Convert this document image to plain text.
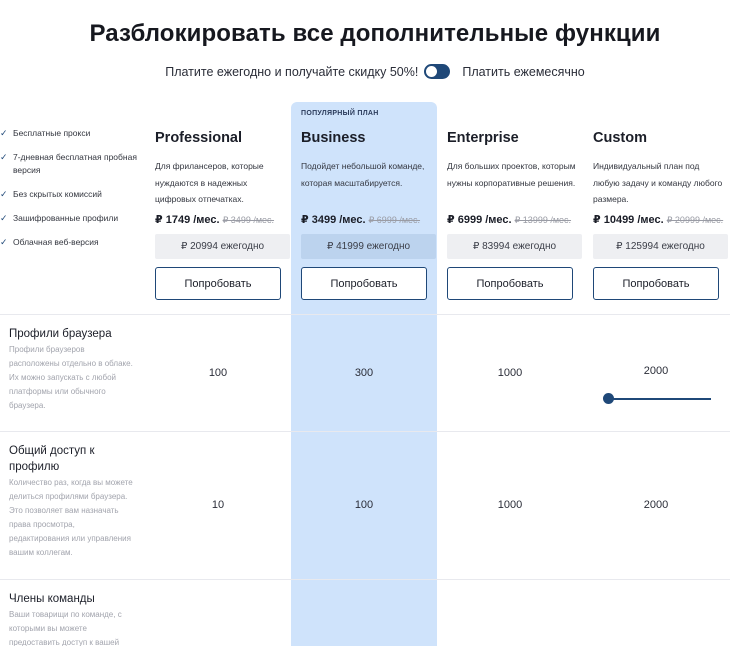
Разблокировать все дополнительные функции
Платите ежегодно и получайте скидку 50%!	Платить ежемесячно
✓ Бесплатные прокси
✓ 7-дневная бесплатная пробная версия
✓ Без скрытых комиссий
✓ Зашифрованные профили
✓ Облачная веб-версия
Professional
Для фрилансеров, которые нуждаются в надежных цифровых отпечатках.
₽ 1749 /мес. ₽ 3499 /мес.
₽ 20994 ежегодно
Попробовать
ПОПУЛЯРНЫЙ ПЛАН
Business
Подойдет небольшой команде, которая масштабируется.
₽ 3499 /мес. ₽ 6999 /мес.
₽ 41999 ежегодно
Попробовать
Enterprise
Для больших проектов, которым нужны корпоративные решения.
₽ 6999 /мес. ₽ 13999 /мес.
₽ 83994 ежегодно
Попробовать
Custom
Индивидуальный план под любую задачу и команду любого размера.
₽ 10499 /мес. ₽ 20999 /мес.
₽ 125994 ежегодно
Попробовать
Профили браузера
Профили браузеров расположены отдельно в облаке. Их можно запускать с любой платформы или обычного браузера.
100	300	1000	2000
Общий доступ к профилю
Количество раз, когда вы можете делиться профилями браузера. Это позволяет вам назначать права просмотра, редактирования или управления вашим коллегам.
10	100	1000	2000
Члены команды
Ваши товарищи по команде, с которыми вы можете предоставить доступ к вашей
